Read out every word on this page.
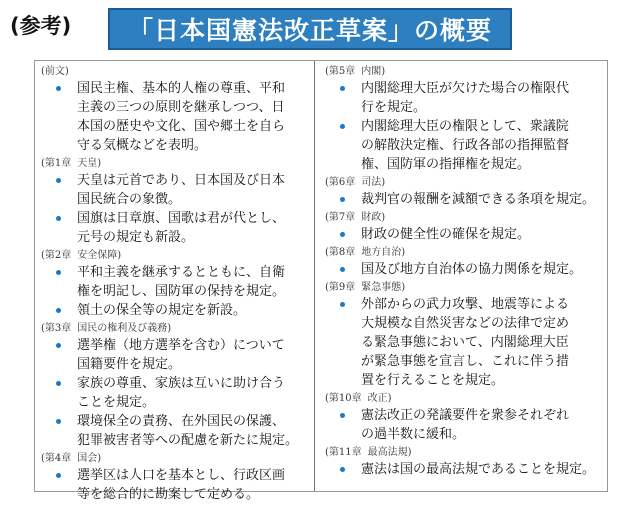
(参考) 「日本国憲法改正草案」の概要
(前文)
国民主権、基本的人権の尊重、平和
主義の三つの原則を継承しつつ、日
本国の歴史や文化、国や郷土を自ら
守る気概などを表明。
(第1章 天皇)
天皇は元首であり、日本国及び日本
国民統合の象徴。
国旗は日章旗、国歌は君が代とし、
元号の規定も新設。
(第2章 安全保障)
平和主義を継承するとともに、自衛
権を明記し、国防軍の保持を規定。
領土の保全等の規定を新設。
(第3章 国民の権利及び義務)
選挙権（地方選挙を含む）について
国籍要件を規定。
家族の尊重、家族は互いに助け合う
ことを規定。
環境保全の責務、在外国民の保護、
犯罪被害者等への配慮を新たに規定。
(第4章 国会)
選挙区は人口を基本とし、行政区画
等を総合的に勘案して定める。
(第5章 内閣)
内閣総理大臣が欠けた場合の権限代
行を規定。
内閣総理大臣の権限として、衆議院
の解散決定権、行政各部の指揮監督
権、国防軍の指揮権を規定。
(第6章 司法)
裁判官の報酬を減額できる条項を規定。
(第7章 財政)
財政の健全性の確保を規定。
(第8章 地方自治)
国及び地方自治体の協力関係を規定。
(第9章 緊急事態)
外部からの武力攻撃、地震等による
大規模な自然災害などの法律で定め
る緊急事態において、内閣総理大臣
が緊急事態を宣言し、これに伴う措
置を行えることを規定。
(第10章 改正)
憲法改正の発議要件を衆参それぞれ
の過半数に緩和。
(第11章 最高法規)
憲法は国の最高法規であることを規定。
